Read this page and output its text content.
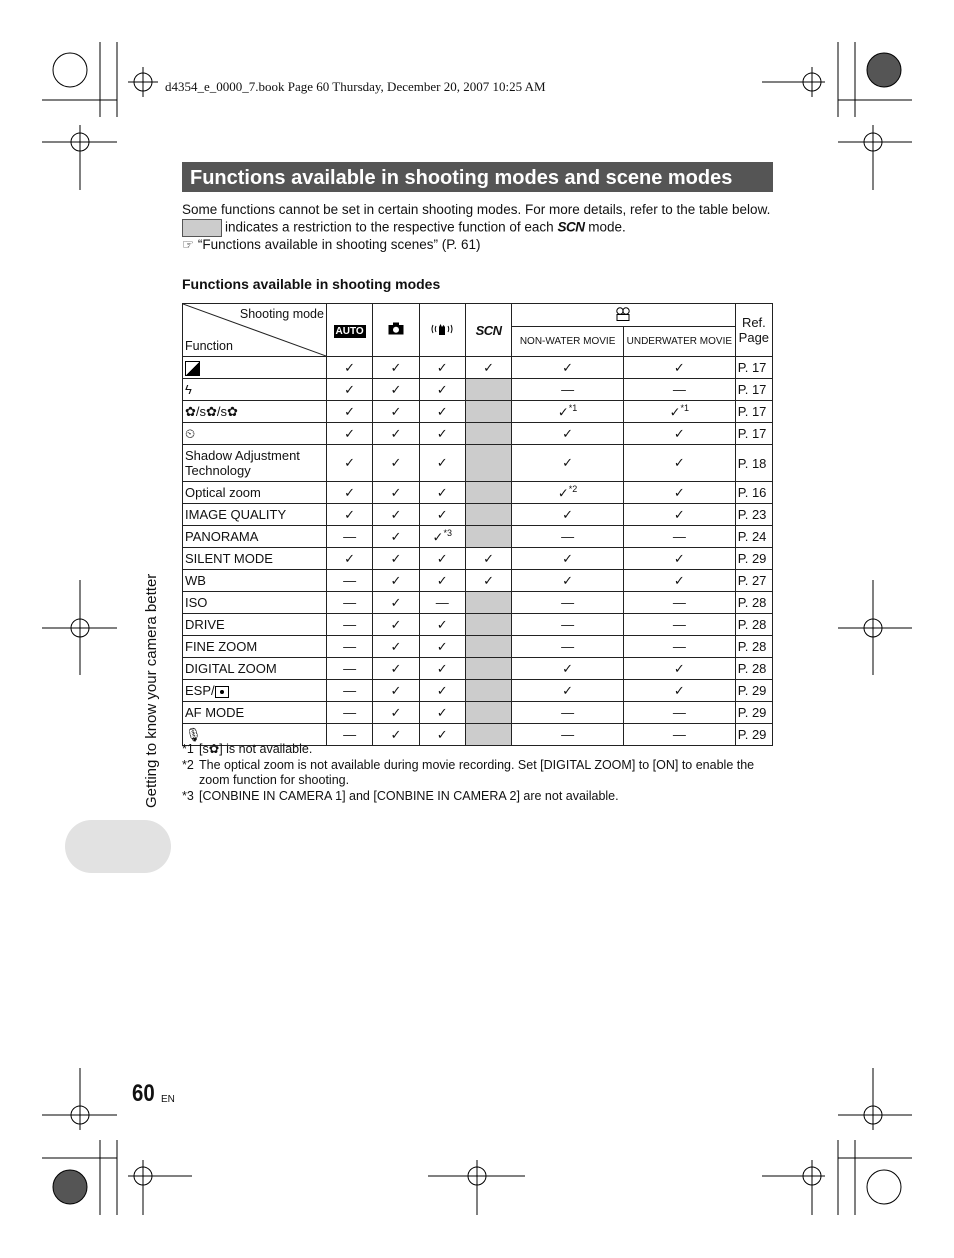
d4354_e_0000_7.book Page 60 Thursday, December 20, 2007 10:25 AM
Functions available in shooting modes and scene modes

Some functions cannot be set in certain shooting modes. For more details, refer to the table below.

indicates a restriction to the respective function of each SCN mode.

☞ “Functions available in shooting scenes” (P. 61)

Functions available in shooting modes
Shooting mode
Function	AUTO			SCN			Ref. Page
					NON-WATER MOVIE	UNDERWATER MOVIE	
	✓	✓	✓	✓	✓	✓	P. 17
ϟ	✓	✓	✓		—	—	P. 17
✿/s✿/s✿	✓	✓	✓		✓$^{*1}$	✓$^{*1}$	P. 17
⏲	✓	✓	✓		✓	✓	P. 17
Shadow Adjustment Technology	✓	✓	✓		✓	✓	P. 18
Optical zoom	✓	✓	✓		✓$^{*2}$	✓	P. 16
IMAGE QUALITY	✓	✓	✓		✓	✓	P. 23
PANORAMA	—	✓	✓$^{*3}$		—	—	P. 24
SILENT MODE	✓	✓	✓	✓	✓	✓	P. 29
WB	—	✓	✓	✓	✓	✓	P. 27
ISO	—	✓	—		—	—	P. 28
DRIVE	—	✓	✓		—	—	P. 28
FINE ZOOM	—	✓	✓		—	—	P. 28
DIGITAL ZOOM	—	✓	✓		✓	✓	P. 28
ESP/	—	✓	✓		✓	✓	P. 29
AF MODE	—	✓	✓		—	—	P. 29
🎙	—	✓	✓		—	—	P. 29
*1 [s✿] is not available.
*2 The optical zoom is not available during movie recording. Set [DIGITAL ZOOM] to [ON] to enable the zoom function for shooting.
*3 [CONBINE IN CAMERA 1] and [CONBINE IN CAMERA 2] are not available.
Getting to know your camera better
60 EN
